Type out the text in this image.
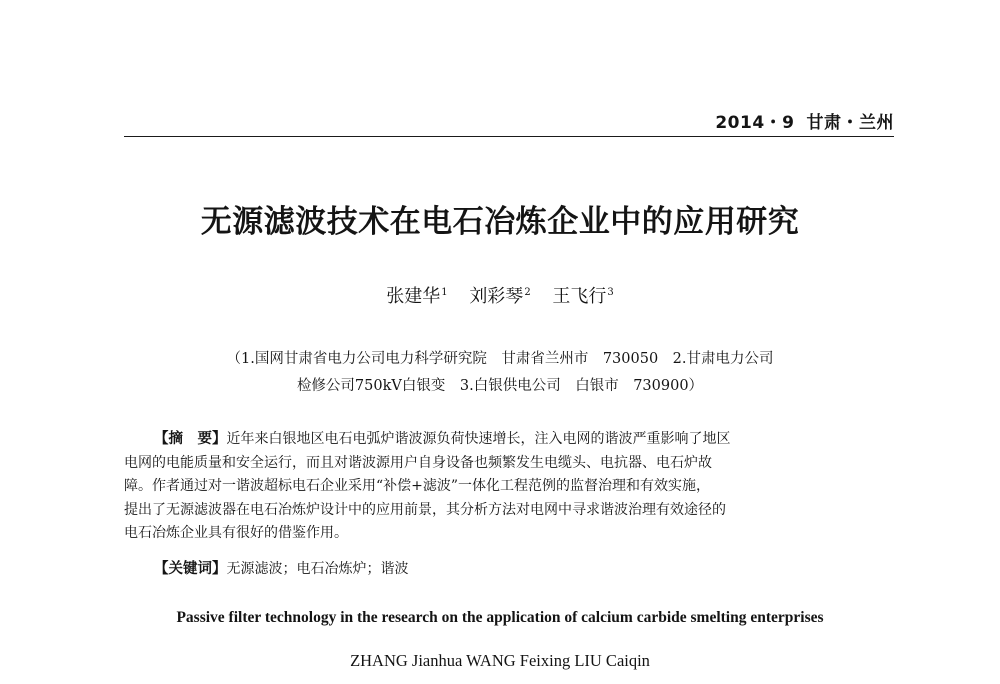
2014・9 甘肃・兰州
无源滤波技术在电石冶炼企业中的应用研究
张建华$^1$ 刘彩琴$^2$ 王飞行$^3$
（1.国网甘肃省电力公司电力科学研究院　甘肃省兰州市　730050　2.甘肃电力公司
检修公司750kV白银变　3.白银供电公司　白银市　730900）
【摘　要】近年来白银地区电石电弧炉谐波源负荷快速增长，注入电网的谐波严重影响了地区
电网的电能质量和安全运行，而且对谐波源用户自身设备也频繁发生电缆头、电抗器、电石炉故
障。作者通过对一谐波超标电石企业采用“补偿+滤波”一体化工程范例的监督治理和有效实施，
提出了无源滤波器在电石冶炼炉设计中的应用前景，其分析方法对电网中寻求谐波治理有效途径的
电石冶炼企业具有很好的借鉴作用。
【关键词】无源滤波；电石冶炼炉；谐波
Passive filter technology in the research on the application of calcium carbide smelting enterprises
ZHANG Jianhua WANG Feixing LIU Caiqin
